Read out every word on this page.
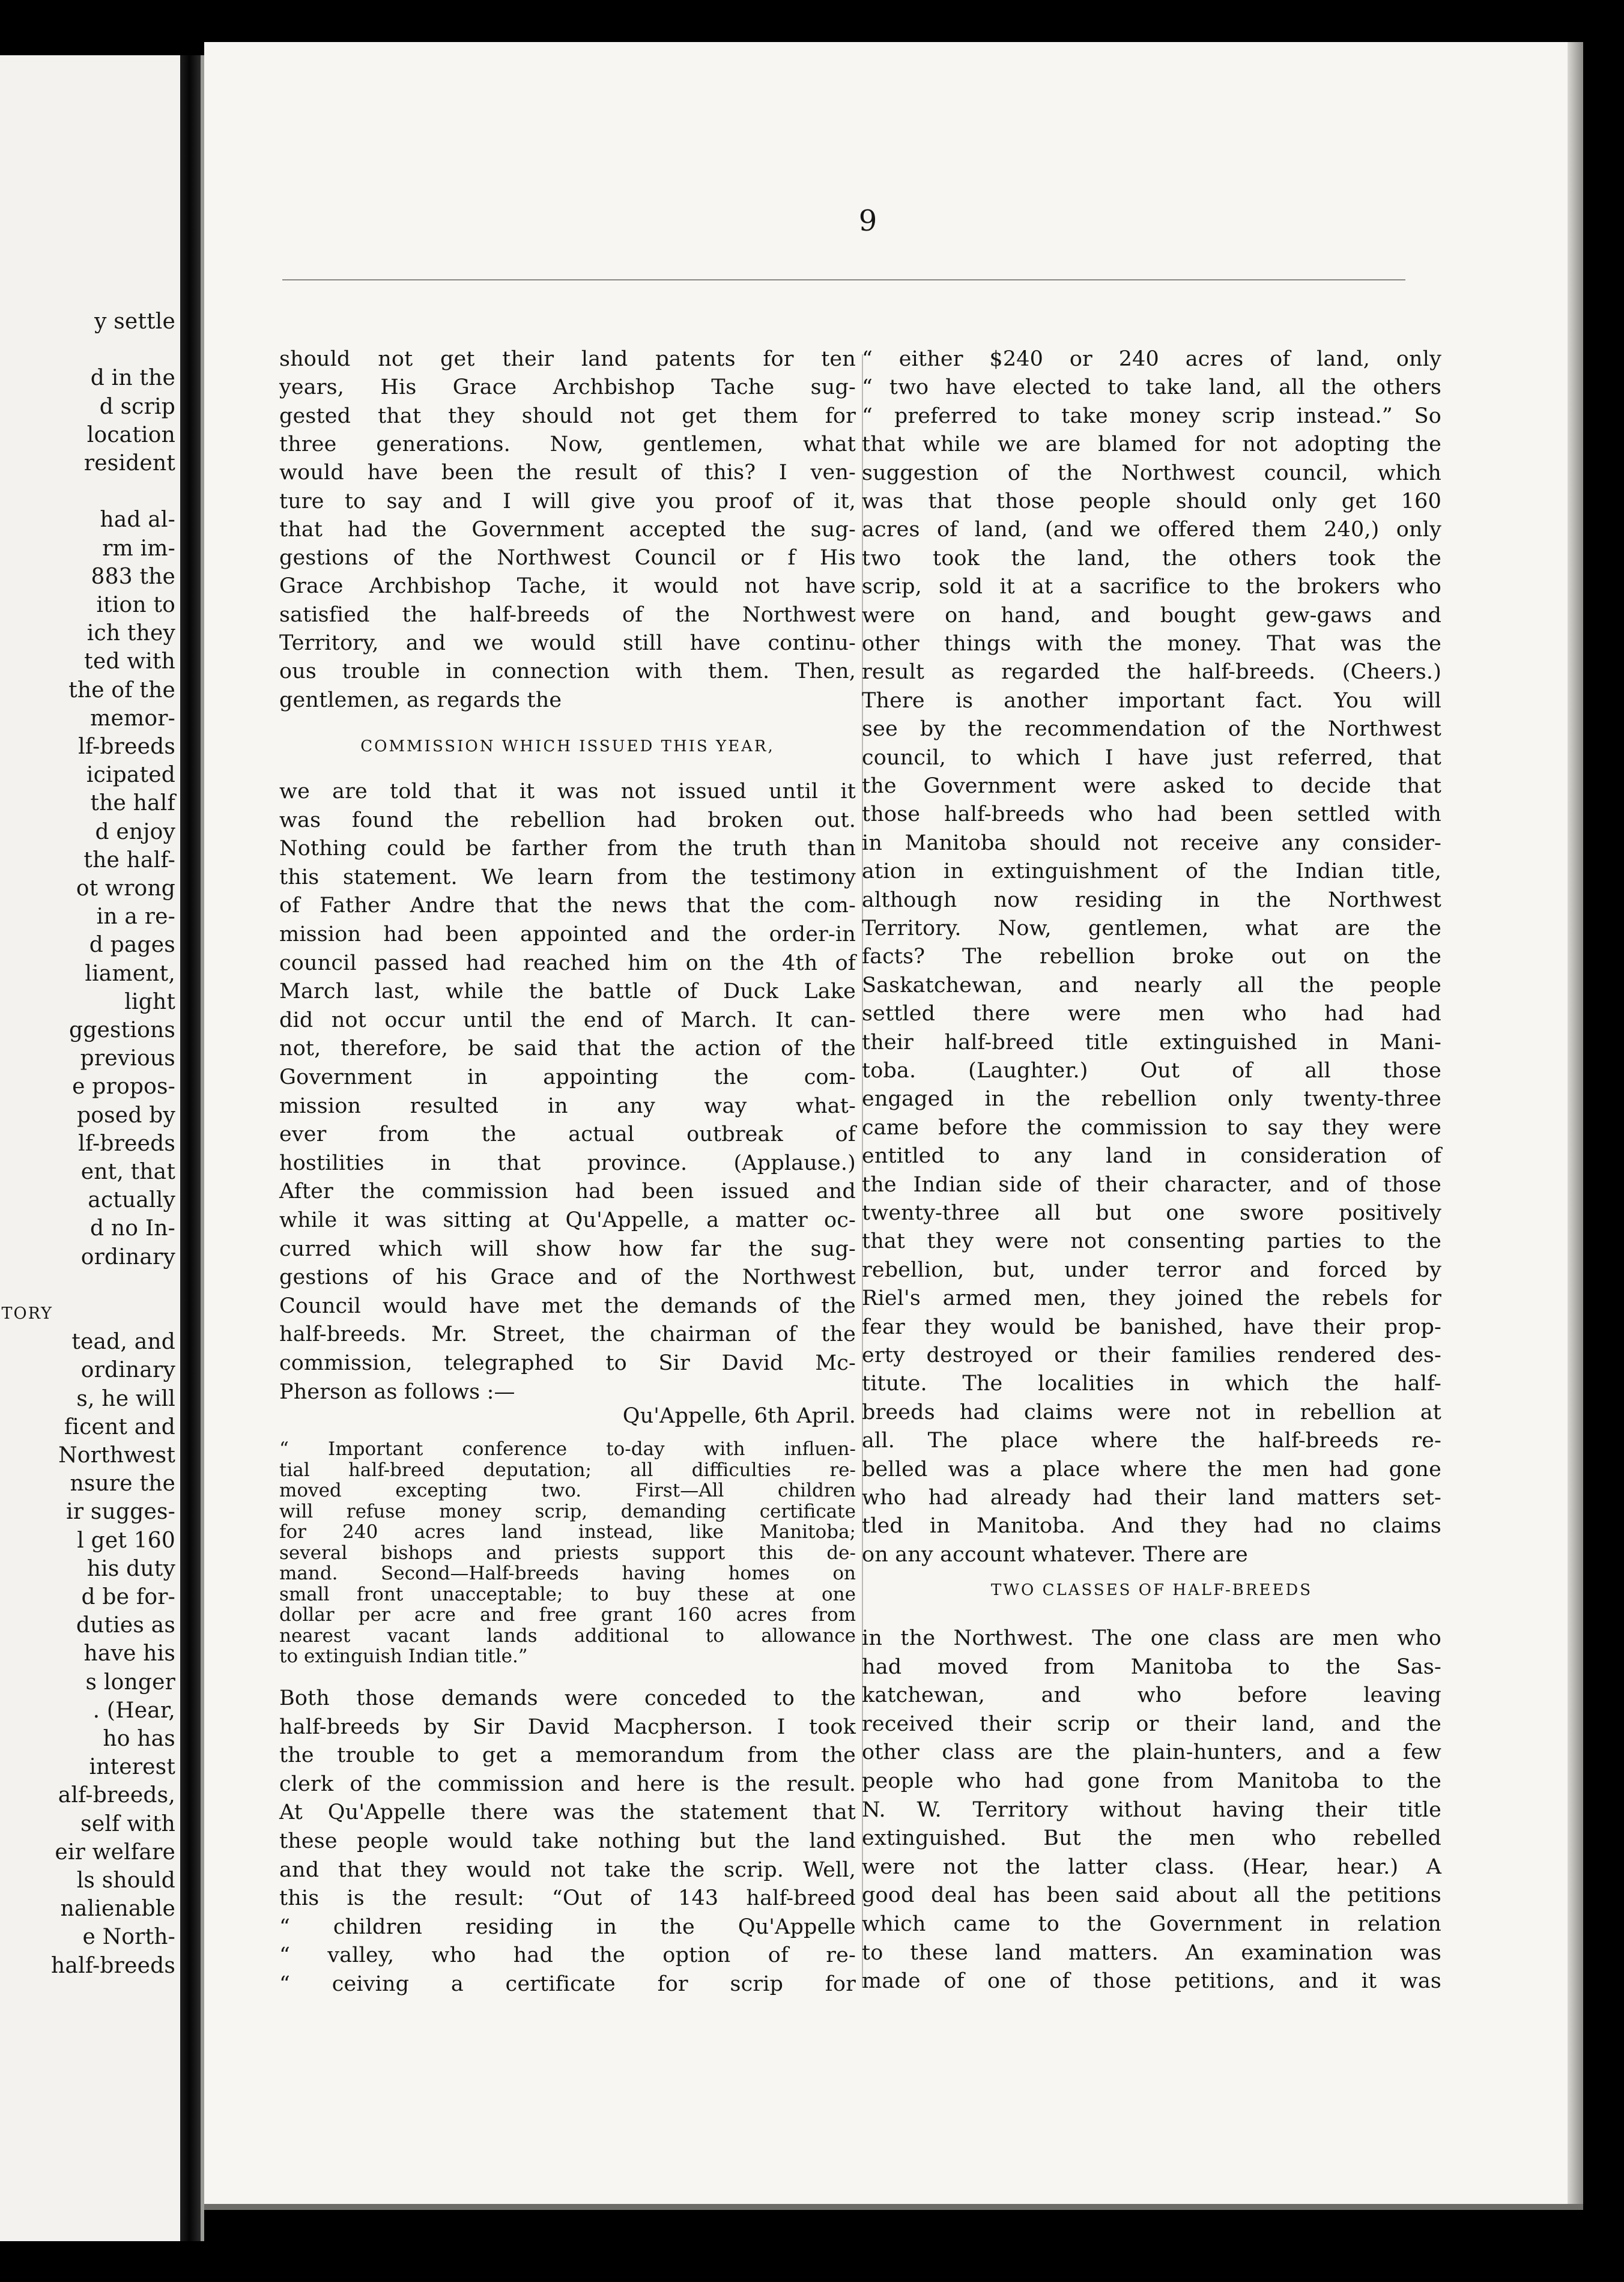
y settle
d in the
d scrip
location
resident
had al-
rm im-
883 the
ition to
ich they
ted with
the of the
memor-
lf-breeds
icipated
the half
d enjoy
the half-
ot wrong
in a re-
d pages
liament,
light
ggestions
previous
e propos-
posed by
lf-breeds
ent, that
actually
d no In-
ordinary
TORY
tead, and
ordinary
s, he will
ficent and
Northwest
nsure the
ir sugges-
l get 160
his duty
d be for-
duties as
have his
s longer
. (Hear,
ho has
interest
alf-breeds,
self with
eir welfare
ls should
nalienable
e North-
half-breeds
9
should not get their land patents for ten
years, His Grace Archbishop Tache sug-
gested that they should not get them for
three generations. Now, gentlemen, what
would have been the result of this? I ven-
ture to say and I will give you proof of it,
that had the Government accepted the sug-
gestions of the Northwest Council or f His
Grace Archbishop Tache, it would not have
satisfied the half-breeds of the Northwest
Territory, and we would still have continu-
ous trouble in connection with them. Then,
gentlemen, as regards the
COMMISSION WHICH ISSUED THIS YEAR,
we are told that it was not issued until it
was found the rebellion had broken out.
Nothing could be farther from the truth than
this statement. We learn from the testimony
of Father Andre that the news that the com-
mission had been appointed and the order-in
council passed had reached him on the 4th of
March last, while the battle of Duck Lake
did not occur until the end of March. It can-
not, therefore, be said that the action of the
Government in appointing the com-
mission resulted in any way what-
ever from the actual outbreak of
hostilities in that province. (Applause.)
After the commission had been issued and
while it was sitting at Qu'Appelle, a matter oc-
curred which will show how far the sug-
gestions of his Grace and of the Northwest
Council would have met the demands of the
half-breeds. Mr. Street, the chairman of the
commission, telegraphed to Sir David Mc-
Pherson as follows :—
Qu'Appelle, 6th April.
“ Important conference to-day with influen-
tial half-breed deputation; all difficulties re-
moved excepting two. First—All children
will refuse money scrip, demanding certificate
for 240 acres land instead, like Manitoba;
several bishops and priests support this de-
mand. Second—Half-breeds having homes on
small front unacceptable; to buy these at one
dollar per acre and free grant 160 acres from
nearest vacant lands additional to allowance
to extinguish Indian title.”
Both those demands were conceded to the
half-breeds by Sir David Macpherson. I took
the trouble to get a memorandum from the
clerk of the commission and here is the result.
At Qu'Appelle there was the statement that
these people would take nothing but the land
and that they would not take the scrip. Well,
this is the result: “Out of 143 half-breed
“ children residing in the Qu'Appelle
“ valley, who had the option of re-
“ ceiving a certificate for scrip for
“ either $240 or 240 acres of land, only
“ two have elected to take land, all the others
“ preferred to take money scrip instead.” So
that while we are blamed for not adopting the
suggestion of the Northwest council, which
was that those people should only get 160
acres of land, (and we offered them 240,) only
two took the land, the others took the
scrip, sold it at a sacrifice to the brokers who
were on hand, and bought gew-gaws and
other things with the money. That was the
result as regarded the half-breeds. (Cheers.)
There is another important fact. You will
see by the recommendation of the Northwest
council, to which I have just referred, that
the Government were asked to decide that
those half-breeds who had been settled with
in Manitoba should not receive any consider-
ation in extinguishment of the Indian title,
although now residing in the Northwest
Territory. Now, gentlemen, what are the
facts? The rebellion broke out on the
Saskatchewan, and nearly all the people
settled there were men who had had
their half-breed title extinguished in Mani-
toba. (Laughter.) Out of all those
engaged in the rebellion only twenty-three
came before the commission to say they were
entitled to any land in consideration of
the Indian side of their character, and of those
twenty-three all but one swore positively
that they were not consenting parties to the
rebellion, but, under terror and forced by
Riel's armed men, they joined the rebels for
fear they would be banished, have their prop-
erty destroyed or their families rendered des-
titute. The localities in which the half-
breeds had claims were not in rebellion at
all. The place where the half-breeds re-
belled was a place where the men had gone
who had already had their land matters set-
tled in Manitoba. And they had no claims
on any account whatever. There are
TWO CLASSES OF HALF-BREEDS
in the Northwest. The one class are men who
had moved from Manitoba to the Sas-
katchewan, and who before leaving
received their scrip or their land, and the
other class are the plain-hunters, and a few
people who had gone from Manitoba to the
N. W. Territory without having their title
extinguished. But the men who rebelled
were not the latter class. (Hear, hear.) A
good deal has been said about all the petitions
which came to the Government in relation
to these land matters. An examination was
made of one of those petitions, and it was
